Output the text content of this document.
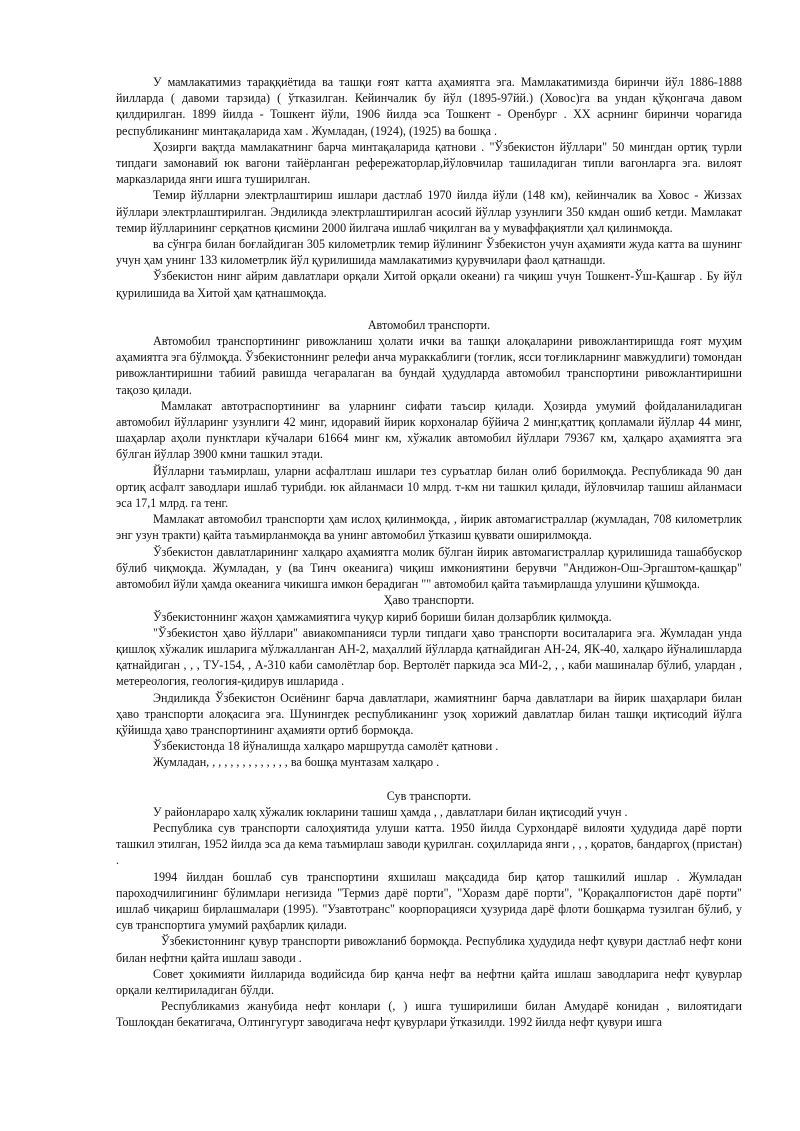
У мамлакатимиз тараққиётида ва ташқи ғоят катта аҳамиятга эга. Мамлакатимизда биринчи йўл 1886-1888 йилларда ( давоми тарзида) ( ўтказилган. Кейинчалик бу йўл (1895-97йй.) (Ховос)га ва ундан қўқонгача давом қилдирилган. 1899 йилда - Тошкент йўли, 1906 йилда эса Тошкент - Оренбург . XX асрнинг биринчи чорагида республиканинг минтақаларида хам . Жумладан, (1924), (1925) ва бошқа .

Ҳозирги вақтда мамлакатнинг барча минтақаларида қатнови . "Ўзбекистон йўллари" 50 мингдан ортиқ турли типдаги замонавий юк вагони тайёрланган реферeжаторлар,йўловчилар ташиладиган типли вагонларга эга. вилоят марказларида янги ишга туширилган.

Темир йўлларни электрлаштириш ишлари дастлаб 1970 йилда йўли (148 км), кейинчалик ва Ховос - Жиззах йўллари электрлаштирилган. Эндиликда электрлаштирилган асосий йўллар узунлиги 350 кмдан ошиб кетди. Мамлакат темир йўлларининг серқатнов қисмини 2000 йилгача ишлаб чиқилган ва у муваффақиятли ҳал қилинмоқда.

ва сўнгра билан боғлайдиган 305 километрлик темир йўлининг Ўзбекистон учун аҳамияти жуда катта ва шунинг учун ҳам унинг 133 километрлик йўл қурилишида мамлакатимиз қурувчилари фаол қатнашди.

Ўзбекистон нинг айрим давлатлари орқали Хитой орқали океани) га чиқиш учун Тошкент-Ўш-Қашғар . Бу йўл қурилишида ва Хитой ҳам қатнашмоқда.

Автомобил транспорти.

Автомобил транспортининг ривожланиш ҳолати ички ва ташқи алоқаларини ривожлантиришда ғоят муҳим аҳамиятга эга бўлмоқда. Ўзбекистоннинг релефи анча мураккаблиги (тоғлик, ясси тоғликларнинг мавжудлиги) томондан ривожлантиришни табиий равишда чегаралаган ва бундай ҳудудларда автомобил транспортини ривожлантиришни тақозо қилади.

Мамлакат автотраспортининг ва уларнинг сифати таъсир қилади. Ҳозирда умумий фойдаланиладиган автомобил йўлларинг узунлиги 42 минг, идоравий йирик корхоналар бўйича 2 минг,қаттиқ қопламали йўллар 44 минг, шаҳарлар аҳоли пунктлари кўчалари 61664 минг км, хўжалик автомобил йўллари 79367 км, ҳалқаро аҳамиятга эга бўлган йўллар 3900 кмни ташкил этади.

Йўлларни таъмирлаш, уларни асфалтлаш ишлари тез суръатлар билан олиб борилмоқда. Республикада 90 дан ортиқ асфалт заводлари ишлаб турибди. юк айланмаси 10 млрд. т-км ни ташкил қилади, йўловчилар ташиш айланмаси эса 17,1 млрд. га тенг.

Мамлакат автомобил транспорти ҳам ислоҳ қилинмоқда, , йирик автомагистраллар (жумладан, 708 километрлик энг узун тракти) қайта таъмирланмоқда ва унинг автомобил ўтказиш қуввати оширилмоқда.

Ўзбекистон давлатларининг халқаро аҳамиятга молик бўлган йирик автомагистраллар қурилишида ташаббускор бўлиб чиқмоқда. Жумладан, у (ва Тинч океанига) чиқиш имкониятини берувчи "Андижон-Ош-Эргаштом-қашқар" автомобил йўли ҳамда океанига чикишга имкон берадиган "" автомобил қайта таъмирлашда улушини қўшмоқда.

Ҳаво транспорти.

Ўзбекистоннинг жаҳон ҳамжамиятига чуқур кириб бориши билан долзарблик қилмоқда.

"Ўзбекистон ҳаво йўллари" авиакомпанияси турли типдаги ҳаво транспорти воситаларига эга. Жумладан унда қишлоқ хўжалик ишларига мўлжалланган АН-2, маҳаллий йўлларда қатнайдиган АН-24, ЯК-40, халқаро йўналишларда қатнайдиган , , , ТУ-154, , А-310 каби самолётлар бор. Вертолёт паркида эса МИ-2, , , каби машиналар бўлиб, улардан , метереология, геология-қидирув ишларида .

Эндиликда Ўзбекистон Осиёнинг барча давлатлари, жамиятнинг барча давлатлари ва йирик шаҳарлари билан ҳаво транспорти алоқасига эга. Шунингдек республиканинг узоқ хорижий давлатлар билан ташқи иқтисодий йўлга қўйишда ҳаво транспортининг аҳамияти ортиб бормоқда.

Ўзбекистонда 18 йўналишда халқаро маршрутда самолёт қатнови .

Жумладан, , , , , , , , , , , , , , ва бошқа мунтазам халқаро .

Сув транспорти.

У районлараро халқ хўжалик юкларини ташиш ҳамда , , давлатлари билан иқтисодий учун .

Республика сув транспорти салоҳиятида улуши катта. 1950 йилда Сурхондарё вилояти ҳудудида дарё порти ташкил этилган, 1952 йилда эса да кема таъмирлаш заводи қурилган. соҳилларида янги , , , қоратов, бандаргоҳ (пристан) .

1994 йилдан бошлаб сув транспортини яхшилаш мақсадида бир қатор ташкилий ишлар . Жумладан пароходчилигининг бўлимлари негизида "Термиз дарё порти", "Хоразм дарё порти", "Қорақалпоғистон дарё порти" ишлаб чиқариш бирлашмалари (1995). "Узавтотранс" коорпорацияси ҳузурида дарё флоти бошқарма тузилган бўлиб, у сув транспортига умумий раҳбарлик қилади.

Ўзбекистоннинг қувур транспорти ривожланиб бормоқда. Республика ҳудудида нефт қувури дастлаб нефт кони билан нефтни қайта ишлаш заводи .

Совет ҳокимияти йилларида водийсида бир қанча нефт ва нефтни қайта ишлаш заводларига нефт қувурлар орқали келтириладиган бўлди.

Республикамиз жанубида нефт конлари (, ) ишга туширилиши билан Амударё конидан , вилоятидаги Тошлоқдан бекатигача, Олтингугурт заводигача нефт қувурлари ўтказилди. 1992 йилда нефт қувури ишга
